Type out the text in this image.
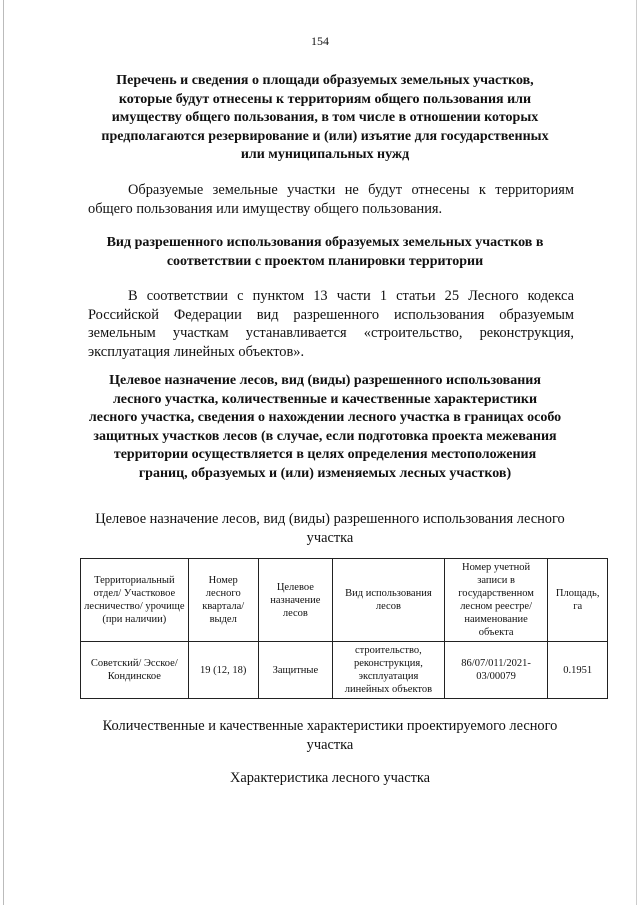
154
Перечень и сведения о площади образуемых земельных участков, которые будут отнесены к территориям общего пользования или имуществу общего пользования, в том числе в отношении которых предполагаются резервирование и (или) изъятие для государственных или муниципальных нужд
Образуемые земельные участки не будут отнесены к территориям общего пользования или имуществу общего пользования.
Вид разрешенного использования образуемых земельных участков в соответствии с проектом планировки территории
В соответствии с пунктом 13 части 1 статьи 25 Лесного кодекса Российской Федерации вид разрешенного использования образуемым земельным участкам устанавливается «строительство, реконструкция, эксплуатация линейных объектов».
Целевое назначение лесов, вид (виды) разрешенного использования лесного участка, количественные и качественные характеристики лесного участка, сведения о нахождении лесного участка в границах особо защитных участков лесов (в случае, если подготовка проекта межевания территории осуществляется в целях определения местоположения границ, образуемых и (или) изменяемых лесных участков)
Целевое назначение лесов, вид (виды) разрешенного использования лесного участка
Территориальный отдел/ Участковое лесничество/ урочище (при наличии)	Номер лесного квартала/ выдел	Целевое назначение лесов	Вид использования лесов	Номер учетной записи в государственном лесном реестре/ наименование объекта	Площадь, га
Советский/ Эсское/Кондинское	19 (12, 18)	Защитные	строительство, реконструкция, эксплуатация линейных объектов	86/07/011/2021-03/00079	0.1951
Количественные и качественные характеристики проектируемого лесного участка
Характеристика лесного участка
